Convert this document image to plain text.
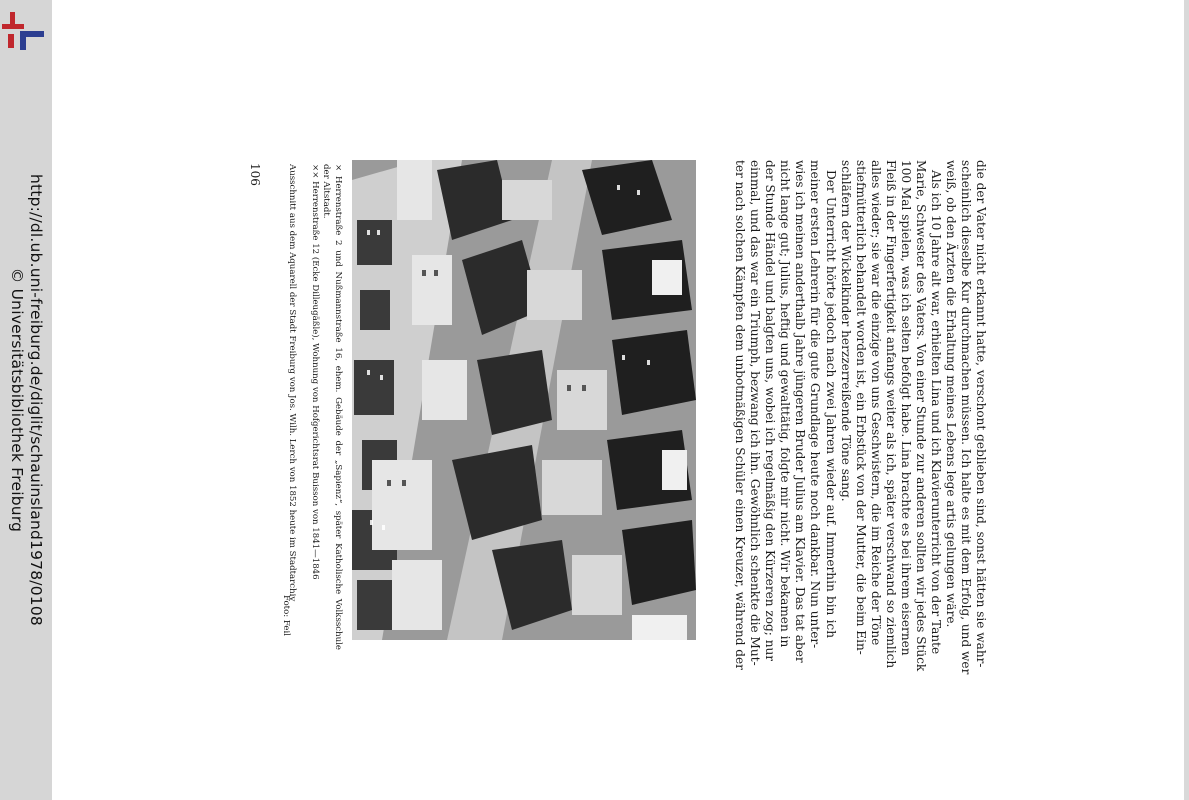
http://dl.ub.uni-freiburg.de/diglit/schauinsland1978/0108
© Universitätsbibliothek Freiburg	die der Vater nicht erkannt hatte, verschont geblieben sind, sonst hätten sie wahr-
scheinlich dieselbe Kur durchmachen müssen. Ich halte es mit dem Erfolg, und wer
weiß, ob den Ärzten die Erhaltung meines Lebens lege artis gelungen wäre.
Als ich 10 Jahre alt war, erhielten Lina und ich Klavierunterricht von der Tante
Marie, Schwester des Vaters. Von einer Stunde zur anderen sollten wir jedes Stück
100 Mal spielen, was ich selten befolgt habe. Lina brachte es bei ihrem eisernen
Fleiß in der Fingerfertigkeit anfangs weiter als ich, später verschwand so ziemlich
alles wieder; sie war die einzige von uns Geschwistern, die im Reiche der Töne
stiefmütterlich behandelt worden ist, ein Erbstück von der Mutter, die beim Ein-
schläfern der Wickelkinder herzzerreißende Töne sang.
Der Unterricht hörte jedoch nach zwei Jahren wieder auf. Immerhin bin ich
meiner ersten Lehrerin für die gute Grundlage heute noch dankbar. Nun unter-
wies ich meinen anderthalb Jahre jüngeren Bruder Julius am Klavier. Das tat aber
nicht lange gut; Julius, heftig und gewalttätig, folgte mir nicht. Wir bekamen in
der Stunde Händel und balgten uns, wobei ich regelmäßig den Kürzeren zog; nur
einmal, und das war ein Triumph, bezwang ich ihn. Gewöhnlich schenkte die Mut-
ter nach solchen Kämpfen dem unbotmäßigen Schüler einen Kreuzer, während der
× Herrenstraße 2 und Nußmannstraße 16, ehem. Gebäude der „Sapienz“, später Katholische Volksschule
der Altstadt.
×× Herrenstraße 12 (Ecke Dilleugäßle), Wohnung von Hofgerichtsrat Buisson von 1841—1846
Ausschnitt aus dem Aquarell der Stadt Freiburg von Jos. Wilh. Lerch von 1852 heute im Stadtarchiv
Foto: Feil
106
